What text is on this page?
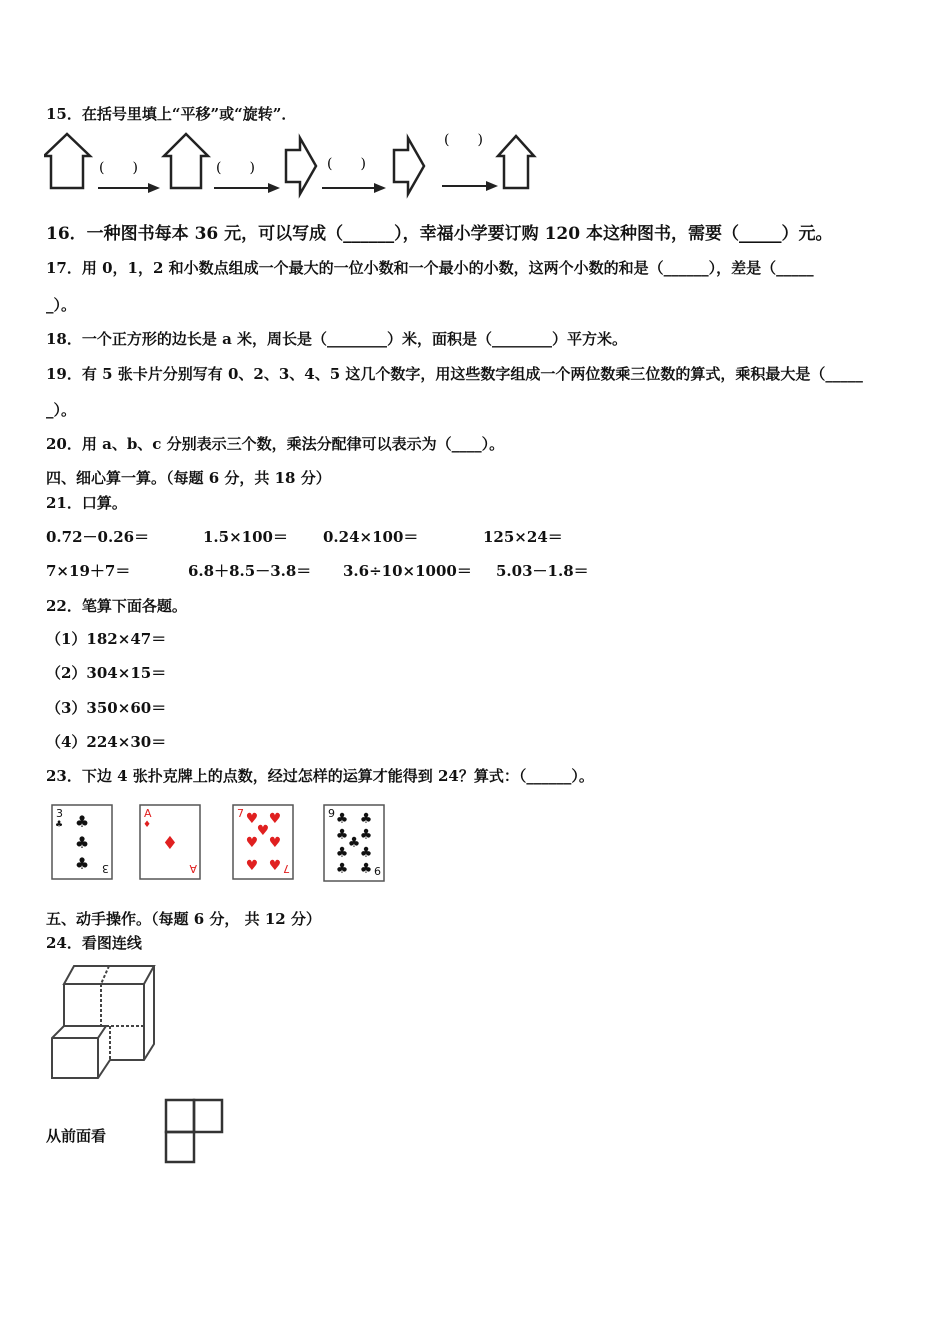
15．在括号里填上“平移”或“旋转”．
(　　)	(　　)	(　　)
(　　)
16．一种图书每本 36 元，可以写成（______），幸福小学要订购 120 本这种图书，需要（_____）元。
17．用 0，1，2 和小数点组成一个最大的一位小数和一个最小的小数，这两个小数的和是（______），差是（_____
_）。
18．一个正方形的边长是 a 米，周长是（________）米，面积是（________）平方米。
19．有 5 张卡片分别写有 0、2、3、4、5 这几个数字，用这些数字组成一个两位数乘三位数的算式，乘积最大是（_____
_）。
20．用 a、b、c 分别表示三个数，乘法分配律可以表示为（____）。
四、细心算一算。（每题 6 分，共 18 分）
21．口算。
0.72－0.26＝	1.5×100＝ 0.24×100＝	125×24＝
7×19＋7＝	6.8＋8.5－3.8＝ 3.6÷10×1000＝ 5.03－1.8＝
22．笔算下面各题。
（1）182×47＝
（2）304×15＝
（3）350×60＝
（4）224×30＝
23．下边 4 张扑克牌上的点数，经过怎样的运算才能得到 24？算式：（______）。
3
♣ ♣
♣
♣ 3
A
♦
♦
A
7 ♥ ♥
♥
♥ ♥
♥ ♥ 7
9 ♣ ♣
♣ ♣
♣
♣ ♣
♣ ♣ 9
五、动手操作。（每题 6 分， 共 12 分）
24．看图连线
从前面看
